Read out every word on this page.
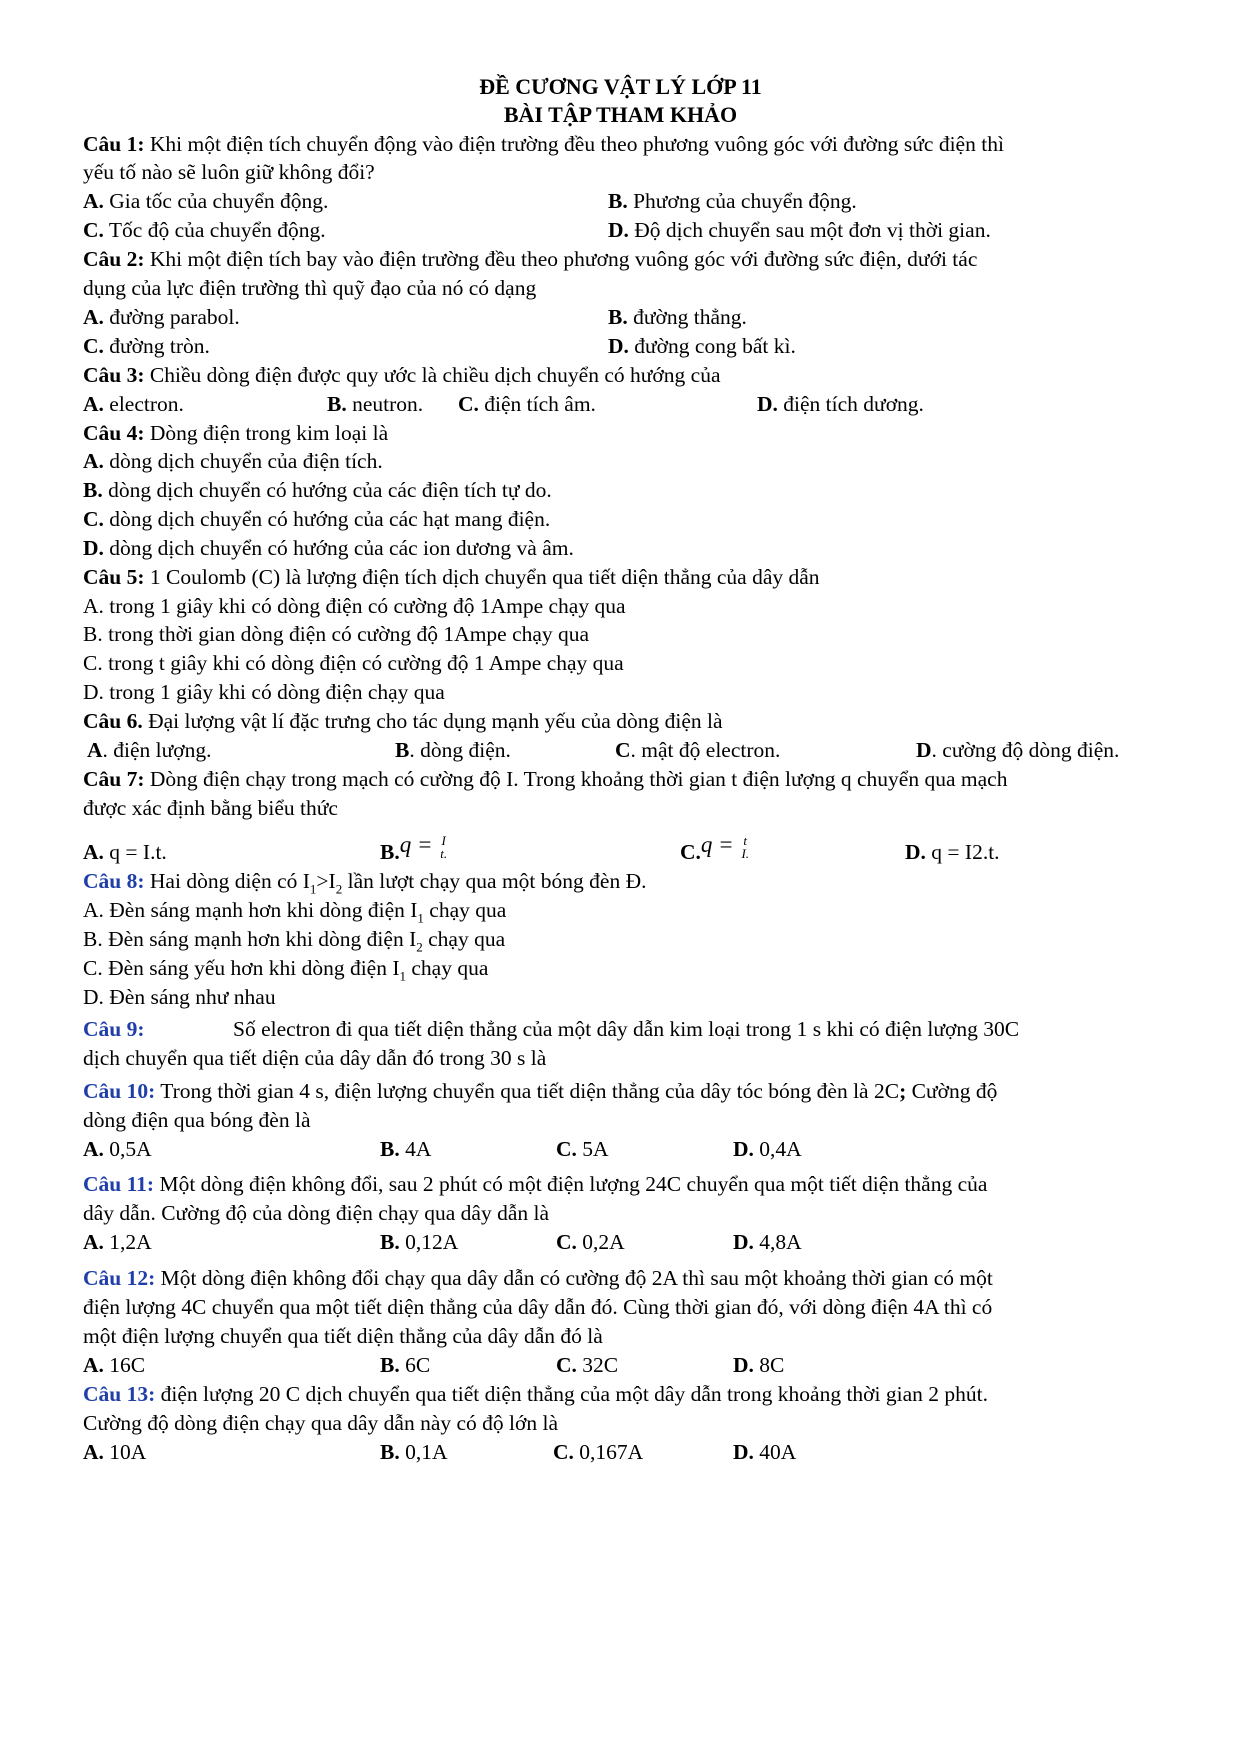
ĐỀ CƯƠNG VẬT LÝ LỚP 11
BÀI TẬP THAM KHẢO
Câu 1: Khi một điện tích chuyển động vào điện trường đều theo phương vuông góc với đường sức điện thì
yếu tố nào sẽ luôn giữ không đổi?
A. Gia tốc của chuyển động.	B. Phương của chuyển động.
C. Tốc độ của chuyển động.	D. Độ dịch chuyển sau một đơn vị thời gian.
Câu 2: Khi một điện tích bay vào điện trường đều theo phương vuông góc với đường sức điện, dưới tác
dụng của lực điện trường thì quỹ đạo của nó có dạng
A. đường parabol.	B. đường thẳng.
C. đường tròn.	D. đường cong bất kì.
Câu 3: Chiều dòng điện được quy ước là chiều dịch chuyển có hướng của
A. electron.	B. neutron. C. điện tích âm.	D. điện tích dương.
Câu 4: Dòng điện trong kim loại là
A. dòng dịch chuyển của điện tích.
B. dòng dịch chuyển có hướng của các điện tích tự do.
C. dòng dịch chuyển có hướng của các hạt mang điện.
D. dòng dịch chuyển có hướng của các ion dương và âm.
Câu 5: 1 Coulomb (C) là lượng điện tích dịch chuyển qua tiết diện thẳng của dây dẫn
A. trong 1 giây khi có dòng điện có cường độ 1Ampe chạy qua
B. trong thời gian dòng điện có cường độ 1Ampe chạy qua
C. trong t giây khi có dòng điện có cường độ 1 Ampe chạy qua
D. trong 1 giây khi có dòng điện chạy qua
Câu 6. Đại lượng vật lí đặc trưng cho tác dụng mạnh yếu của dòng điện là
A. điện lượng.	B. dòng điện.	C. mật độ electron.	D. cường độ dòng điện.
Câu 7: Dòng điện chạy trong mạch có cường độ I. Trong khoảng thời gian t điện lượng q chuyển qua mạch
được xác định bằng biểu thức
A. q = I.t.	B.q = I
t.	C.q = t
I.	D. q = I2.t.
Câu 8: Hai dòng diện có $I_1>I_2$ lần lượt chạy qua một bóng đèn Đ.
A. Đèn sáng mạnh hơn khi dòng điện $I_1$ chạy qua
B. Đèn sáng mạnh hơn khi dòng điện $I_2$ chạy qua
C. Đèn sáng yếu hơn khi dòng điện $I_1$ chạy qua
D. Đèn sáng như nhau
Câu 9:	Số electron đi qua tiết diện thẳng của một dây dẫn kim loại trong 1 s khi có điện lượng 30C
dịch chuyển qua tiết diện của dây dẫn đó trong 30 s là
Câu 10: Trong thời gian 4 s, điện lượng chuyển qua tiết diện thẳng của dây tóc bóng đèn là 2C; Cường độ
dòng điện qua bóng đèn là
A. 0,5A	B. 4A	C. 5A	D. 0,4A
Câu 11: Một dòng điện không đổi, sau 2 phút có một điện lượng 24C chuyển qua một tiết diện thẳng của
dây dẫn. Cường độ của dòng điện chạy qua dây dẫn là
A. 1,2A	B. 0,12A	C. 0,2A	D. 4,8A
Câu 12: Một dòng điện không đổi chạy qua dây dẫn có cường độ 2A thì sau một khoảng thời gian có một
điện lượng 4C chuyển qua một tiết diện thẳng của dây dẫn đó. Cùng thời gian đó, với dòng điện 4A thì có
một điện lượng chuyển qua tiết diện thẳng của dây dẫn đó là
A. 16C	B. 6C	C. 32C	D. 8C
Câu 13: điện lượng 20 C dịch chuyển qua tiết diện thẳng của một dây dẫn trong khoảng thời gian 2 phút.
Cường độ dòng điện chạy qua dây dẫn này có độ lớn là
A. 10A	B. 0,1A	C. 0,167A	D. 40A
